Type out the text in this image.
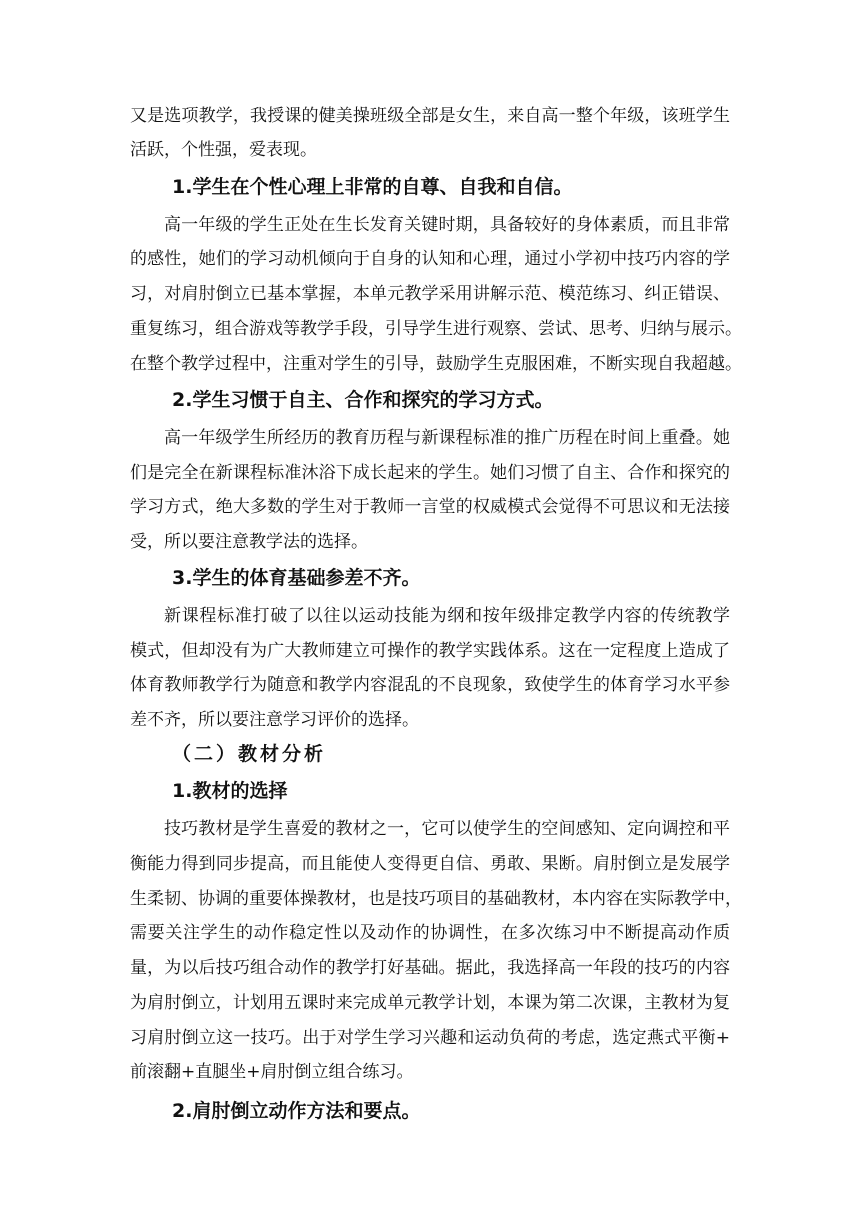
又是选项教学，我授课的健美操班级全部是女生，来自高一整个年级，该班学生
活跃，个性强，爱表现。
1.学生在个性心理上非常的自尊、自我和自信。
高一年级的学生正处在生长发育关键时期，具备较好的身体素质，而且非常
的感性，她们的学习动机倾向于自身的认知和心理，通过小学初中技巧内容的学
习，对肩肘倒立已基本掌握，本单元教学采用讲解示范、模范练习、纠正错误、
重复练习，组合游戏等教学手段，引导学生进行观察、尝试、思考、归纳与展示。
在整个教学过程中，注重对学生的引导，鼓励学生克服困难，不断实现自我超越。
2.学生习惯于自主、合作和探究的学习方式。
高一年级学生所经历的教育历程与新课程标准的推广历程在时间上重叠。她
们是完全在新课程标准沐浴下成长起来的学生。她们习惯了自主、合作和探究的
学习方式，绝大多数的学生对于教师一言堂的权威模式会觉得不可思议和无法接
受，所以要注意教学法的选择。
3.学生的体育基础参差不齐。
新课程标准打破了以往以运动技能为纲和按年级排定教学内容的传统教学
模式，但却没有为广大教师建立可操作的教学实践体系。这在一定程度上造成了
体育教师教学行为随意和教学内容混乱的不良现象，致使学生的体育学习水平参
差不齐，所以要注意学习评价的选择。
（二）教材分析
1.教材的选择
技巧教材是学生喜爱的教材之一，它可以使学生的空间感知、定向调控和平
衡能力得到同步提高，而且能使人变得更自信、勇敢、果断。肩肘倒立是发展学
生柔韧、协调的重要体操教材，也是技巧项目的基础教材，本内容在实际教学中，
需要关注学生的动作稳定性以及动作的协调性，在多次练习中不断提高动作质
量，为以后技巧组合动作的教学打好基础。据此，我选择高一年段的技巧的内容
为肩肘倒立，计划用五课时来完成单元教学计划，本课为第二次课，主教材为复
习肩肘倒立这一技巧。出于对学生学习兴趣和运动负荷的考虑，选定燕式平衡+
前滚翻+直腿坐+肩肘倒立组合练习。
2.肩肘倒立动作方法和要点。
